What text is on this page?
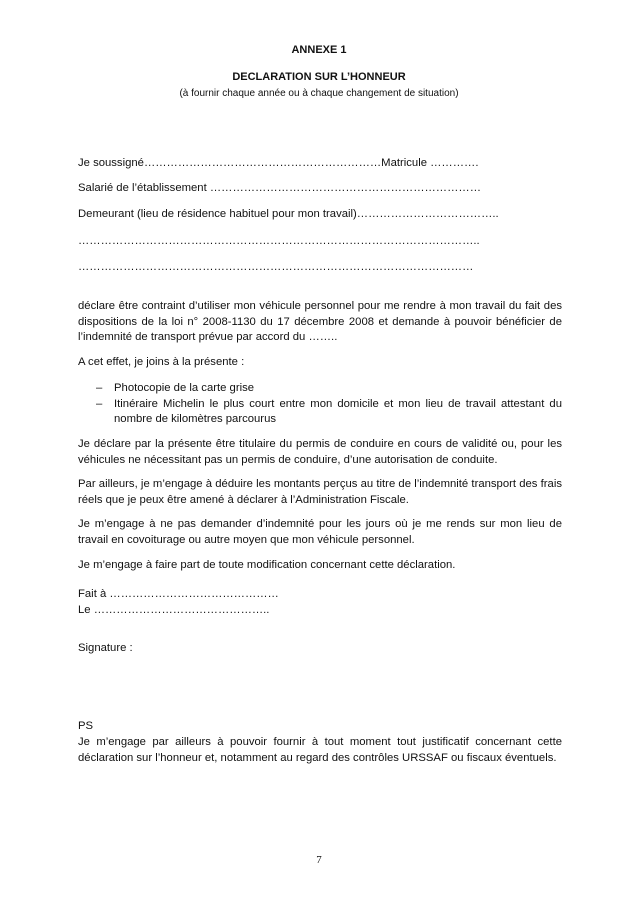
ANNEXE 1
DECLARATION SUR L’HONNEUR
(à fournir chaque année ou à chaque changement de situation)
Je soussigné………………………………………………………Matricule ………….
Salarié de l’établissement ………………………………………………………………
Demeurant (lieu de résidence habituel pour mon travail)………………………………..
……………………………………………………………………………………………..
……………………………………………………………………………………………
déclare être contraint d’utiliser mon véhicule personnel pour me rendre à mon travail du fait des dispositions de la loi n° 2008-1130 du 17 décembre 2008 et demande à pouvoir bénéficier de l’indemnité de transport prévue par accord du ……..
A cet effet, je joins à la présente :
– Photocopie de la carte grise
– Itinéraire Michelin le plus court entre mon domicile et mon lieu de travail attestant du nombre de kilomètres parcourus
Je déclare par la présente être titulaire du permis de conduire en cours de validité ou, pour les véhicules ne nécessitant pas un permis de conduire, d’une autorisation de conduite.
Par ailleurs, je m’engage à déduire les montants perçus au titre de l’indemnité transport des frais réels que je peux être amené à déclarer à l’Administration Fiscale.
Je m’engage à ne pas demander d’indemnité pour les jours où je me rends sur mon lieu de travail en covoiturage ou autre moyen que mon véhicule personnel.
Je m’engage à faire part de toute modification concernant cette déclaration.
Fait à ………………………………………
Le ………………………………………..
Signature :
PS
Je m’engage par ailleurs à pouvoir fournir à tout moment tout justificatif concernant cette déclaration sur l’honneur et, notamment au regard des contrôles URSSAF ou fiscaux éventuels.
7
